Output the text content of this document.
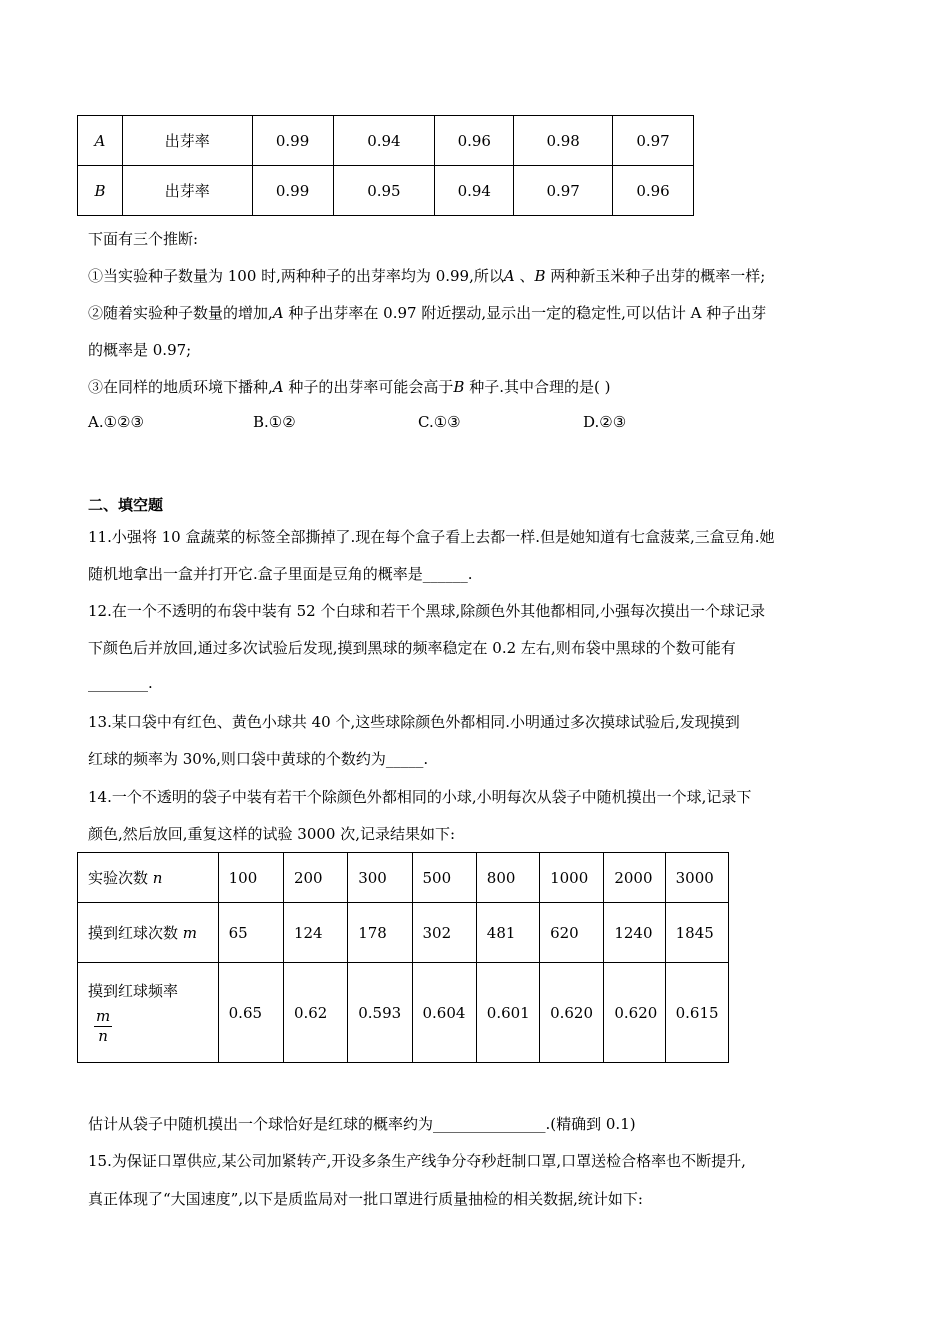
A	出芽率	0.99	0.94	0.96	0.98	0.97
B	出芽率	0.99	0.95	0.94	0.97	0.96
下面有三个推断:
①当实验种子数量为 100 时,两种种子的出芽率均为 0.99,所以A 、B 两种新玉米种子出芽的概率一样;
②随着实验种子数量的增加,A 种子出芽率在 0.97 附近摆动,显示出一定的稳定性,可以估计 A 种子出芽
的概率是 0.97;
③在同样的地质环境下播种,A 种子的出芽率可能会高于B 种子.其中合理的是( )
A.①②③	B.①②	C.①③	D.②③
二、填空题
11.小强将 10 盒蔬菜的标签全部撕掉了.现在每个盒子看上去都一样.但是她知道有七盒菠菜,三盒豆角.她
随机地拿出一盒并打开它.盒子里面是豆角的概率是______.
12.在一个不透明的布袋中装有 52 个白球和若干个黑球,除颜色外其他都相同,小强每次摸出一个球记录
下颜色后并放回,通过多次试验后发现,摸到黑球的频率稳定在 0.2 左右,则布袋中黑球的个数可能有
________.
13.某口袋中有红色、黄色小球共 40 个,这些球除颜色外都相同.小明通过多次摸球试验后,发现摸到
红球的频率为 30%,则口袋中黄球的个数约为_____.
14.一个不透明的袋子中装有若干个除颜色外都相同的小球,小明每次从袋子中随机摸出一个球,记录下
颜色,然后放回,重复这样的试验 3000 次,记录结果如下:
实验次数 n	100	200	300	500	800	1000	2000	3000
摸到红球次数 m	65	124	178	302	481	620	1240	1845

摸到红球频率
$\frac{m}{n}$	0.65	0.62	0.593	0.604	0.601	0.620	0.620	0.615
估计从袋子中随机摸出一个球恰好是红球的概率约为_______________.(精确到 0.1)
15.为保证口罩供应,某公司加紧转产,开设多条生产线争分夺秒赶制口罩,口罩送检合格率也不断提升,
真正体现了“大国速度”,以下是质监局对一批口罩进行质量抽检的相关数据,统计如下:
